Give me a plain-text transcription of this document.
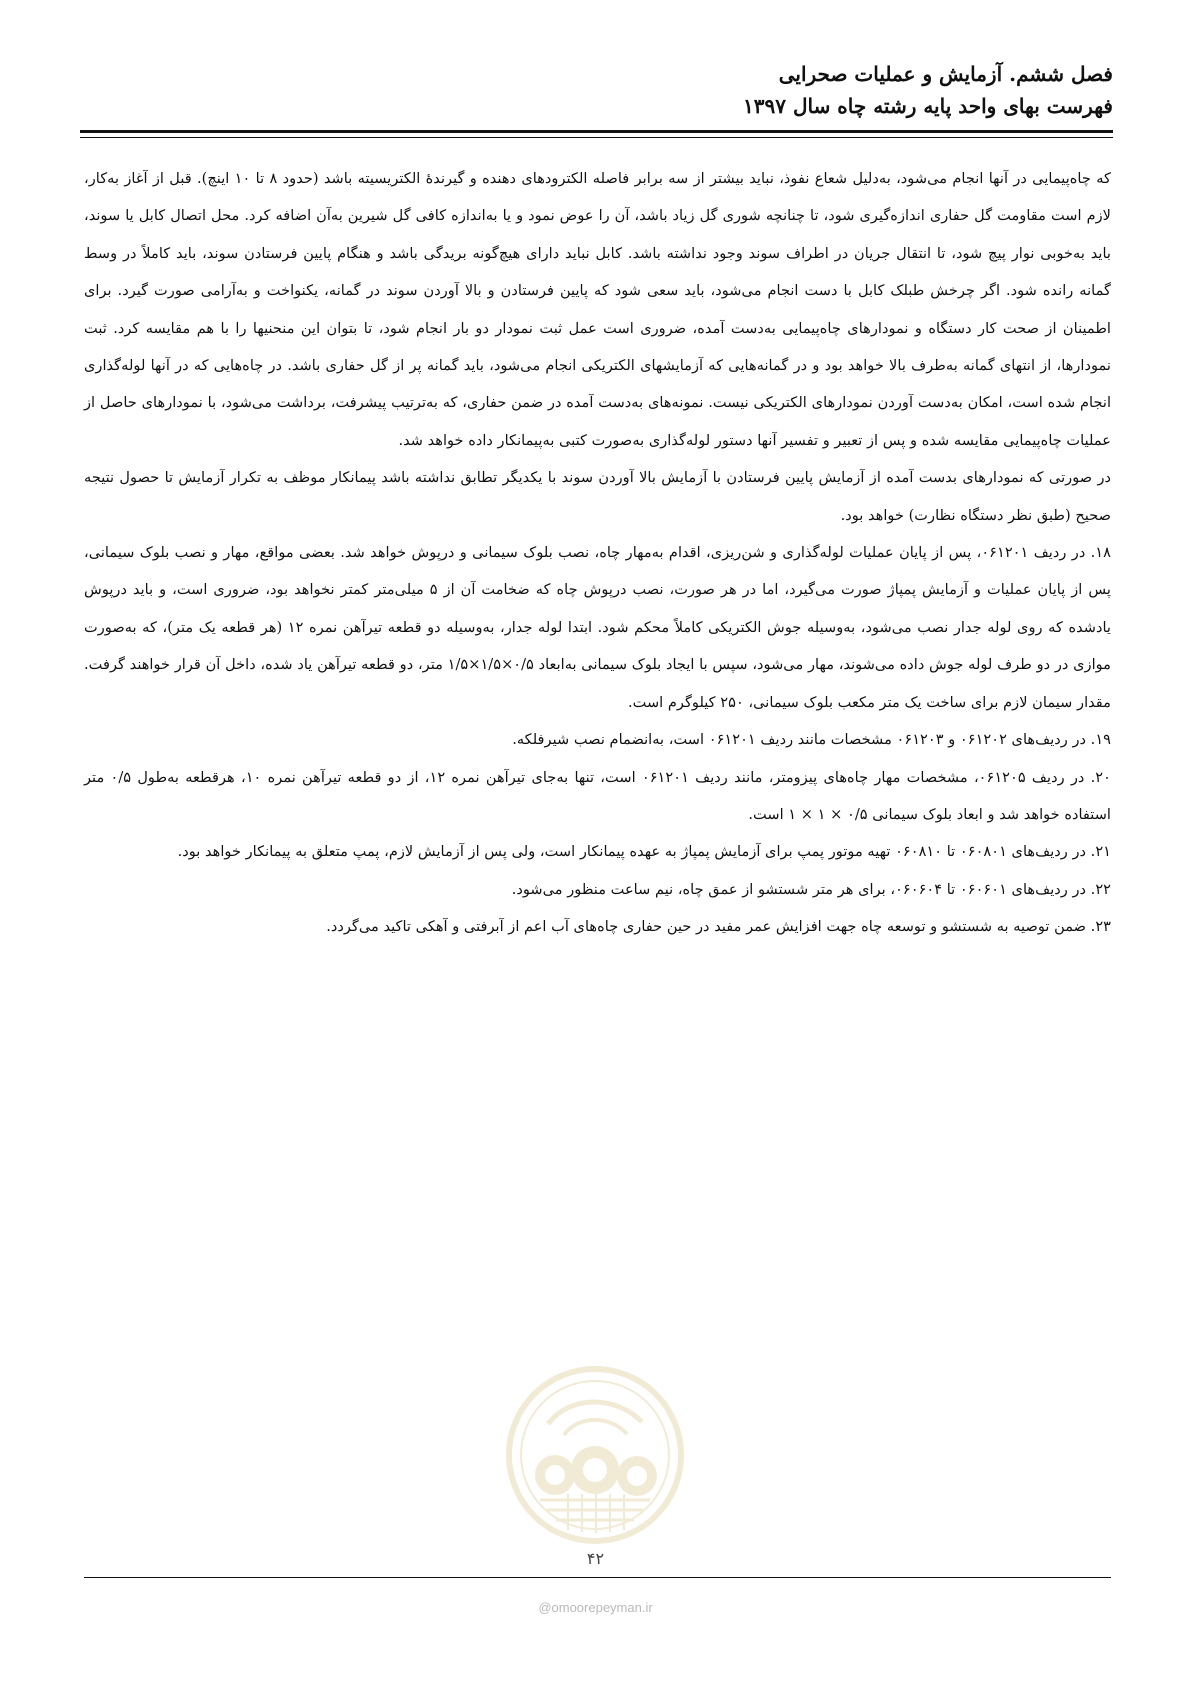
فصل ششم. آزمایش و عملیات صحرایی
فهرست بهای واحد پایه رشته چاه سال ۱۳۹۷

که چاه‌پیمایی در آنها انجام می‌شود، به‌دلیل شعاع نفوذ، نباید بیشتر از سه برابر فاصله الکترودهای دهنده و گیرندهٔ الکتریسیته باشد (حدود ۸ تا ۱۰ اینچ). قبل از آغاز به‌کار، لازم است مقاومت گل حفاری اندازه‌گیری شود، تا چنانچه شوری گل زیاد باشد، آن را عوض نمود و یا به‌اندازه کافی گل شیرین به‌آن اضافه کرد. محل اتصال کابل یا سوند، باید به‌خوبی نوار پیچ شود، تا انتقال جریان در اطراف سوند وجود نداشته باشد. کابل نباید دارای هیچ‌گونه بریدگی باشد و هنگام پایین فرستادن سوند، باید کاملاً در وسط گمانه رانده شود. اگر چرخش طبلک کابل با دست انجام می‌شود، باید سعی شود که پایین فرستادن و بالا آوردن سوند در گمانه، یکنواخت و به‌آرامی صورت گیرد. برای اطمینان از صحت کار دستگاه و نمودارهای چاه‌پیمایی به‌دست آمده، ضروری است عمل ثبت نمودار دو بار انجام شود، تا بتوان این منحنیها را با هم مقایسه کرد. ثبت نمودارها، از انتهای گمانه به‌طرف بالا خواهد بود و در گمانه‌هایی که آزمایشهای الکتریکی انجام می‌شود، باید گمانه پر از گل حفاری باشد. در چاه‌هایی که در آنها لوله‌گذاری انجام شده است، امکان به‌دست آوردن نمودارهای الکتریکی نیست. نمونه‌های به‌دست آمده در ضمن حفاری، که به‌ترتیب پیشرفت، برداشت می‌شود، با نمودارهای حاصل از عملیات چاه‌پیمایی مقایسه شده و پس از تعبیر و تفسیر آنها دستور لوله‌گذاری به‌صورت کتبی به‌پیمانکار داده خواهد شد.

در صورتی که نمودارهای بدست آمده از آزمایش پایین فرستادن با آزمایش بالا آوردن سوند با یکدیگر تطابق نداشته باشد پیمانکار موظف به تکرار آزمایش تا حصول نتیجه صحیح (طبق نظر دستگاه نظارت) خواهد بود.

۱۸. در ردیف ۰۶۱۲۰۱، پس از پایان عملیات لوله‌گذاری و شن‌ریزی، اقدام به‌مهار چاه، نصب بلوک سیمانی و درپوش خواهد شد. بعضی مواقع، مهار و نصب بلوک سیمانی، پس از پایان عملیات و آزمایش پمپاژ صورت می‌گیرد، اما در هر صورت، نصب درپوش چاه که ضخامت آن از ۵ میلی‌متر کمتر نخواهد بود، ضروری است، و باید درپوش یادشده که روی لوله جدار نصب می‌شود، به‌وسیله جوش الکتریکی کاملاً محکم شود. ابتدا لوله جدار، به‌وسیله دو قطعه تیرآهن نمره ۱۲ (هر قطعه یک متر)، که به‌صورت موازی در دو طرف لوله جوش داده می‌شوند، مهار می‌شود، سپس با ایجاد بلوک سیمانی به‌ابعاد ۰/۵×۱/۵×۱/۵ متر، دو قطعه تیرآهن یاد شده، داخل آن قرار خواهند گرفت. مقدار سیمان لازم برای ساخت یک متر مکعب بلوک سیمانی، ۲۵۰ کیلوگرم است.

۱۹. در ردیف‌های ۰۶۱۲۰۲ و ۰۶۱۲۰۳ مشخصات مانند ردیف ۰۶۱۲۰۱ است، به‌انضمام نصب شیرفلکه.

۲۰. در ردیف ۰۶۱۲۰۵، مشخصات مهار چاه‌های پیزومتر، مانند ردیف ۰۶۱۲۰۱ است، تنها به‌جای تیرآهن نمره ۱۲، از دو قطعه تیرآهن نمره ۱۰، هرقطعه به‌طول ۰/۵ متر استفاده خواهد شد و ابعاد بلوک سیمانی ۰/۵ × ۱ × ۱ است.

۲۱. در ردیف‌های ۰۶۰۸۰۱ تا ۰۶۰۸۱۰ تهیه موتور پمپ برای آزمایش پمپاژ به عهده پیمانکار است، ولی پس از آزمایش لازم، پمپ متعلق به پیمانکار خواهد بود.

۲۲. در ردیف‌های ۰۶۰۶۰۱ تا ۰۶۰۶۰۴، برای هر متر شستشو از عمق چاه، نیم ساعت منظور می‌شود.

۲۳. ضمن توصیه به شستشو و توسعه چاه جهت افزایش عمر مفید در حین حفاری چاه‌های آب اعم از آبرفتی و آهکی تاکید می‌گردد.

۴۲
@omoorepeyman.ir
